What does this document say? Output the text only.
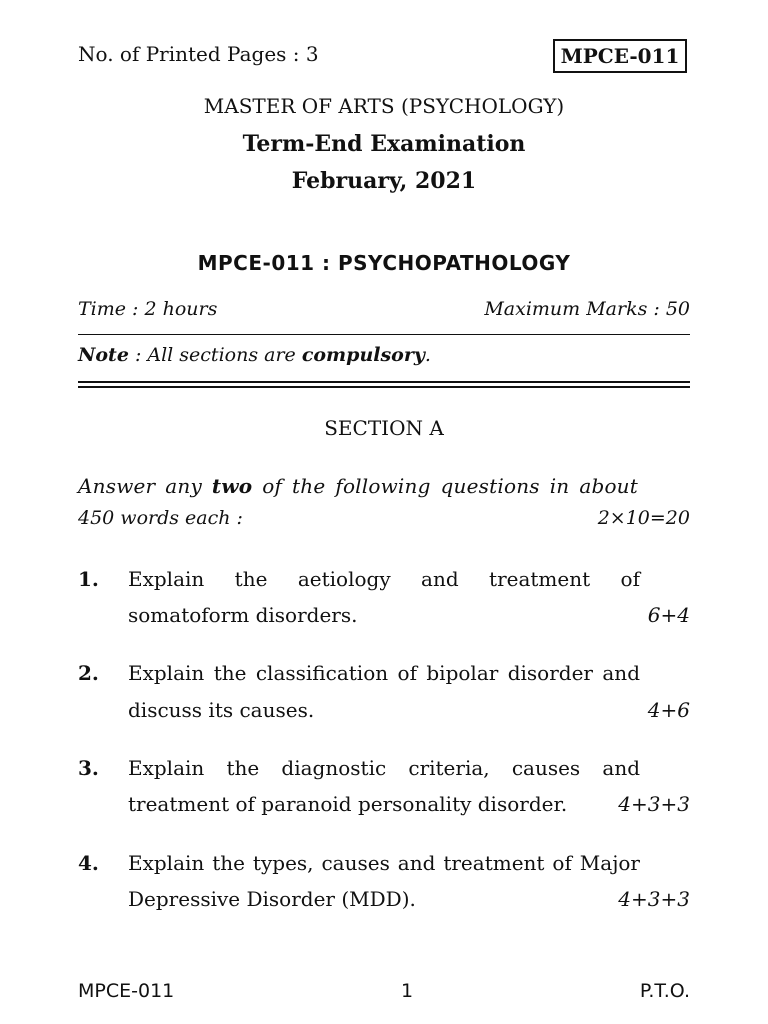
No. of Printed Pages : 3	MPCE-011
MASTER OF ARTS (PSYCHOLOGY)
Term-End Examination
February, 2021
MPCE-011 : PSYCHOPATHOLOGY
Time : 2 hours	Maximum Marks : 50
Note : All sections are compulsory.
SECTION A
Answer any two of the following questions in about
450 words each :	2×10=20
1. Explain the aetiology and treatment of
somatoform disorders.	6+4
2. Explain the classification of bipolar disorder and
discuss its causes.	4+6
3. Explain the diagnostic criteria, causes and
treatment of paranoid personality disorder.	4+3+3
4. Explain the types, causes and treatment of Major
Depressive Disorder (MDD).	4+3+3
MPCE-011	1	P.T.O.
